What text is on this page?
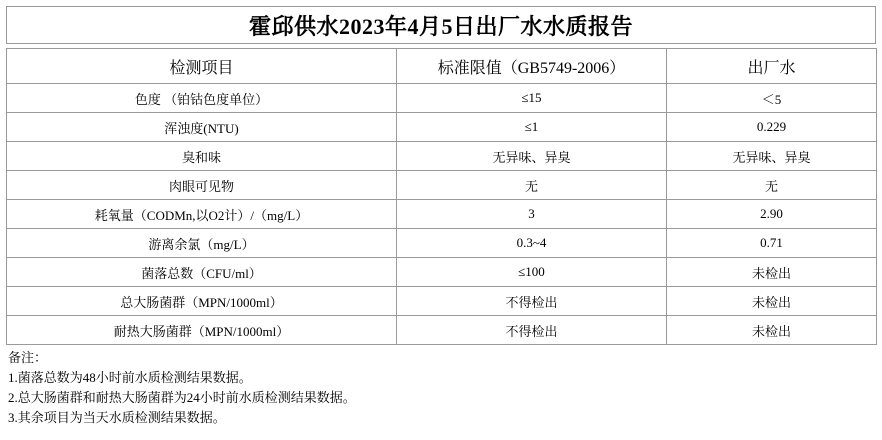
霍邱供水2023年4月5日出厂水水质报告
检测项目	标准限值（GB5749-2006）	出厂水
色度 （铂钴色度单位）	≤15	＜5
浑浊度(NTU)	≤1	0.229
臭和味	无异味、异臭	无异味、异臭
肉眼可见物	无	无
耗氧量（CODMn,以O2计）/（mg/L）	3	2.90
游离余氯（mg/L）	0.3~4	0.71
菌落总数（CFU/ml）	≤100	未检出
总大肠菌群（MPN/1000ml）	不得检出	未检出
耐热大肠菌群（MPN/1000ml）	不得检出	未检出
备注：
1.菌落总数为48小时前水质检测结果数据。
2.总大肠菌群和耐热大肠菌群为24小时前水质检测结果数据。
3.其余项目为当天水质检测结果数据。
